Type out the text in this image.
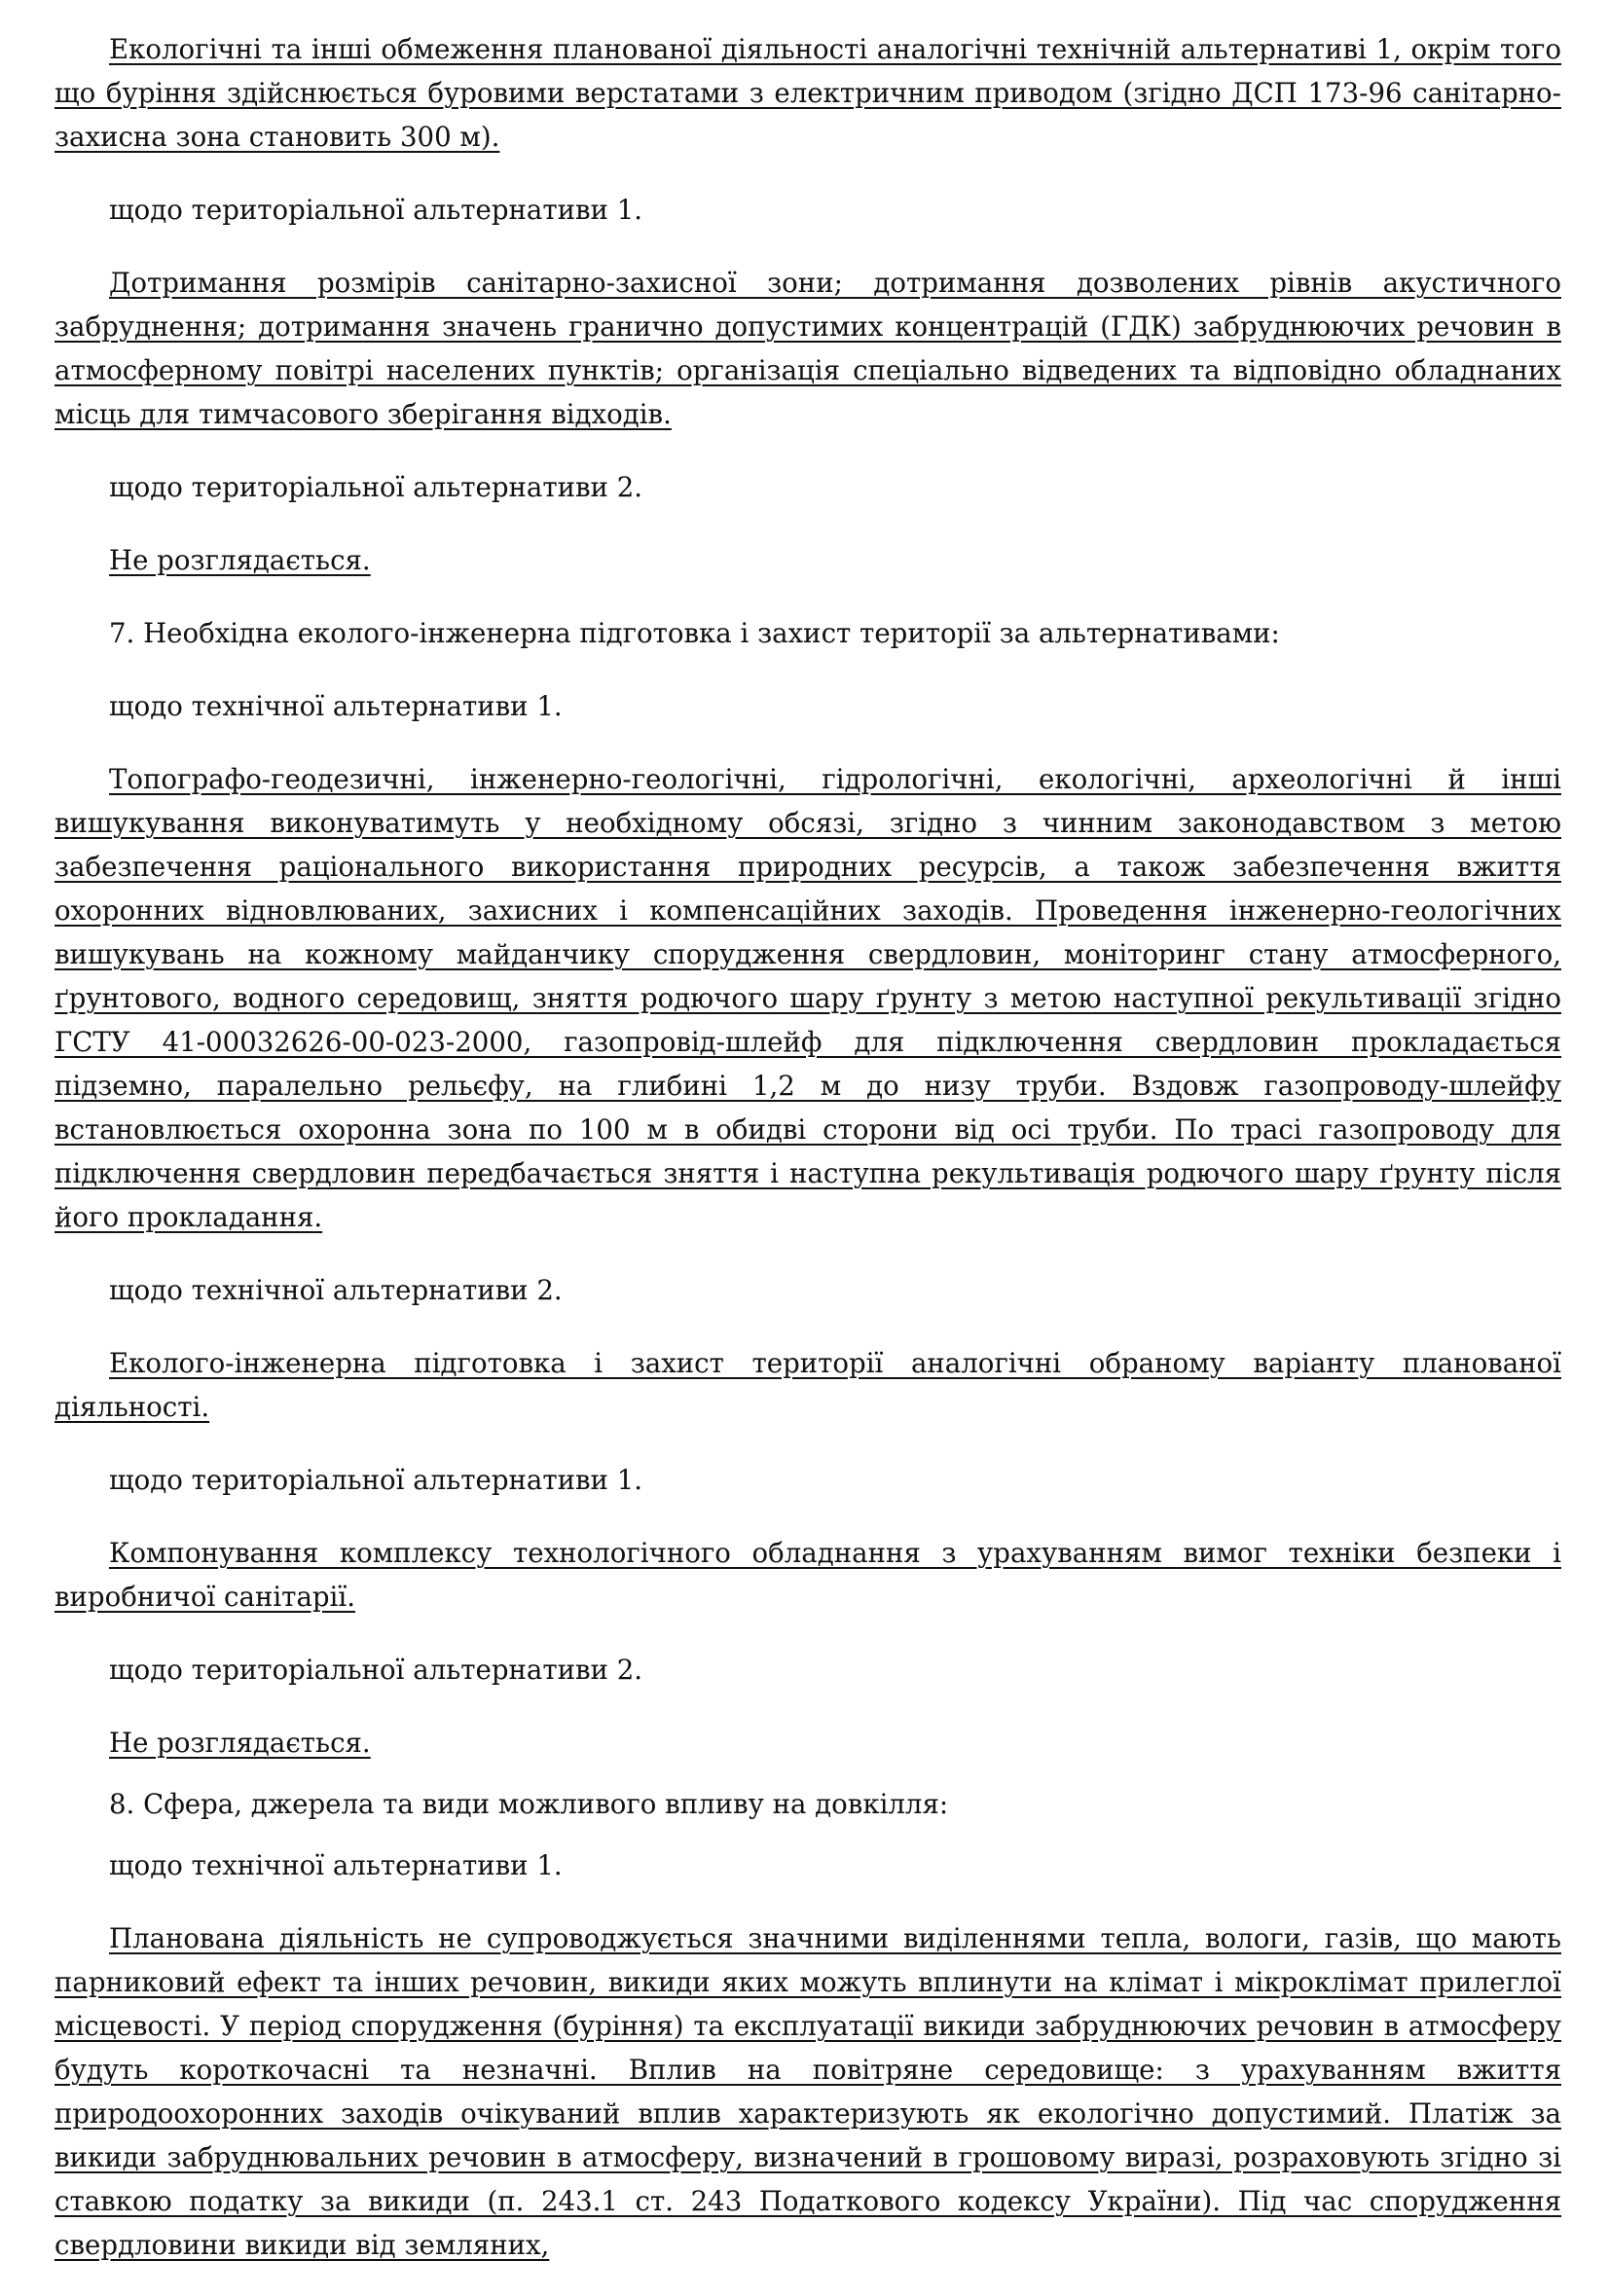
Екологічні та інші обмеження планованої діяльності аналогічні технічній альтернативі 1, окрім того що буріння здійснюється буровими верстатами з електричним приводом (згідно ДСП 173-96 санітарно-захисна зона становить 300 м).

щодо територіальної альтернативи 1.

Дотримання розмірів санітарно-захисної зони; дотримання дозволених рівнів акустичного забруднення; дотримання значень гранично допустимих концентрацій (ГДК) забруднюючих речовин в атмосферному повітрі населених пунктів; організація спеціально відведених та відповідно обладнаних місць для тимчасового зберігання відходів.

щодо територіальної альтернативи 2.

Не розглядається.

7. Необхідна еколого-інженерна підготовка і захист території за альтернативами:

щодо технічної альтернативи 1.

Топографо-геодезичні, інженерно-геологічні, гідрологічні, екологічні, археологічні й інші вишукування виконуватимуть у необхідному обсязі, згідно з чинним законодавством з метою забезпечення раціонального використання природних ресурсів, а також забезпечення вжиття охоронних відновлюваних, захисних і компенсаційних заходів. Проведення інженерно-геологічних вишукувань на кожному майданчику спорудження свердловин, моніторинг стану атмосферного, ґрунтового, водного середовищ, зняття родючого шару ґрунту з метою наступної рекультивації згідно ГСТУ 41-00032626-00-023-2000, газопровід-шлейф для підключення свердловин прокладається підземно, паралельно рельєфу, на глибині 1,2 м до низу труби. Вздовж газопроводу-шлейфу встановлюється охоронна зона по 100 м в обидві сторони від осі труби. По трасі газопроводу для підключення свердловин передбачається зняття і наступна рекультивація родючого шару ґрунту після його прокладання.

щодо технічної альтернативи 2.

Еколого-інженерна підготовка і захист території аналогічні обраному варіанту планованої діяльності.

щодо територіальної альтернативи 1.

Компонування комплексу технологічного обладнання з урахуванням вимог техніки безпеки і виробничої санітарії.

щодо територіальної альтернативи 2.

Не розглядається.

8. Сфера, джерела та види можливого впливу на довкілля:

щодо технічної альтернативи 1.

Планована діяльність не супроводжується значними виділеннями тепла, вологи, газів, що мають парниковий ефект та інших речовин, викиди яких можуть вплинути на клімат і мікроклімат прилеглої місцевості. У період спорудження (буріння) та експлуатації викиди забруднюючих речовин в атмосферу будуть короткочасні та незначні. Вплив на повітряне середовище: з урахуванням вжиття природоохоронних заходів очікуваний вплив характеризують як екологічно допустимий. Платіж за викиди забруднювальних речовин в атмосферу, визначений в грошовому виразі, розраховують згідно зі ставкою податку за викиди (п. 243.1 ст. 243 Податкового кодексу України). Під час спорудження свердловини викиди від земляних,
